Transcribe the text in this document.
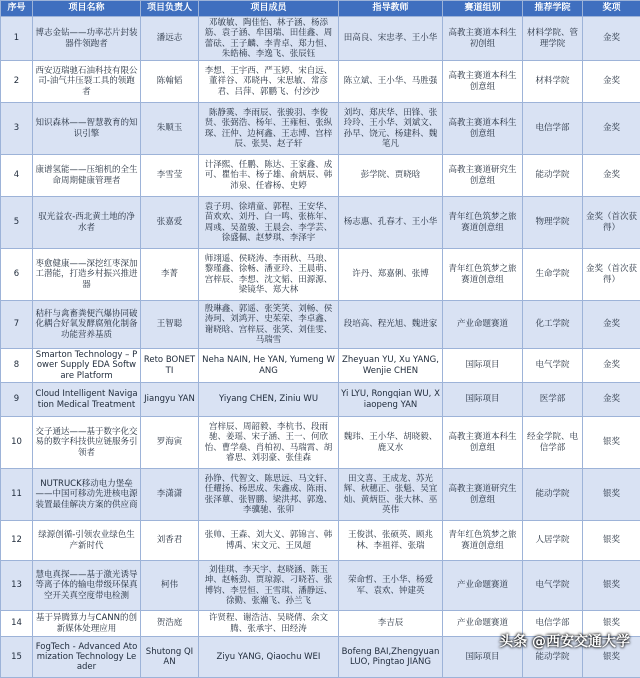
序号	项目名称	项目负责人	项目成员	指导教师	赛道组别	推荐学院	奖项
1	博志金钻——功率芯片封装器件领跑者	潘远志	邓敏敏、陶佳怡、林子涵、杨添筋、袁子涵、牟国瑞、田佳鑫、周蕾砝、王子麟、李青卓、郑力恒、朱皓楠、李逸飞、张辰钰	田高良、宋忠孝、王小华	高教主赛道本科生初创组	材料学院、管理学院	金奖
2	西安迈瑞驰石油科技有限公司-油气井压裂工具的领跑者	陈翰韬	李想、王宇西、严玉婷、宋自远、董祥谷、邓晓冉、宋思敏、常彦君、吕萍、郭鹏飞、付沙沙	陈立斌、王小华、马胜强	高教主赛道本科生创意组	材料学院	金奖
3	知识森林——智慧教育的知识引擎	朱顺玉	陈静霙、李雨辰、张骏羽、李俊贤、张弼浩、杨年、王雍桓、张纵琛、汪仲、边柯鑫、王志博、宫梓辰、张昊、赵子轩	刘均、郑庆华、田锋、张玲玲、王小华、刘斌文、孙早、饶元、杨建科、魏笔凡	高教主赛道本科生创意组	电信学部	金奖
4	康谱氢能——压缩机的全生命周期健康管理者	李雪莹	计泽熙、任鹏、陈达、王家鑫、成可、瞿怡丰、杨子雄、俞炳辰、韩沛泉、任睿杨、史婷	彭学院、贾晓晗	高教主赛道研究生创意组	能动学院	金奖
5	驭光益农-西北黄土地的净水者	张嘉爱	袁子玥、徐靖童、郭程、王安华、苗欢欢、刘丹、白一鸣、张栋年、周彧、吴盈骏、王晨会、李学芸、徐盛佩、赵梦琪、李泽宇	杨志惠、孔春才、王小华	青年红色筑梦之旅赛道创意组	物理学院	金奖（首次获得）
6	枣愈健康——深挖红枣深加工潜能，打造乡村振兴推进器	李菁	师翊遥、侯晓涛、李雨秋、马琅、黎瑾鑫、徐畅、潘亚玲、王晨萌、宫梓辰、李想、沈文韬、田源源、梁镜华、郑大林	许丹、郑嘉俐、张博	青年红色筑梦之旅赛道创意组	生命学院	金奖（首次获得）
7	秸秆与禽畜粪便汽爆协同破化耦合好氧发酵腐殖化制备功能营养基质	王智聪	殷琳鑫、郭遥、张笑笑、刘畅、侯涛珂、刘鸿开、史茱荣、李卓鑫、谢晓晗、宫梓辰、张笑、刘佳雯、马瑞雪	段培高、程光旭、魏进家	产业命题赛道	化工学院	金奖
8	Smarton Technology – Power Supply EDA Software Platform	Reto BONETTI	Neha NAIN, He YAN, Yumeng WANG	Zheyuan YU, Xu YANG, Wenjie CHEN	国际项目	电气学院	金奖
9	Cloud Intelligent Navigation Medical Treatment	Jiangyu YAN	Yiyang CHEN, Ziniu WU	Yi LYU, Rongqian WU, Xiaopeng YAN	国际项目	医学部	金奖
10	交子通达——基于数字化交易的数字科技供应链服务引领者	罗海寅	宫梓辰、周韶毅、李杭书、段雨驰、姜瑶、宋子涵、王一、何欣怡、曹学燊、肖柏初、马瑞霄、胡睿思、刘羽豪、张佳森	魏玮、王小华、胡晓毅、鹿又水	高教主赛道本科生创意组	经金学院、电信学部	银奖
11	NUTRUCK移动电力堡垒——中国可移动先进核电源装置最佳解决方案的供应商	李潇潇	孙铮、代智文、陈思远、马文轩、任耀扬、杨思成、朱鑫成、陈雨、张泽蕈、张智鹏、梁洪邦、郭逸、李骥驰、张卯	田文喜、王成龙、苏光辉、秋穗正、张魁、吴宜灿、黄炳臣、张大林、巫英伟	高教主赛道研究生创意组	能动学院	银奖
12	绿源创循-引领农业绿色生产新时代	刘香君	张帅、王森、刘大义、郭锦言、韩博禹、宋文元、王凤超	王俊淇、张硕英、顾兆林、李祖祥、张瑞	青年红色筑梦之旅赛道创意组	人居学院	银奖
13	慧电真探——基于激光诱导等离子体的输电带级环保真空开关真空度带电检测	柯伟	刘佳琪、李天宇、赵晓涵、陈玉坤、赵畅劲、贾琼源、刁晓若、张博钧、李昱恒、王雪琪、潘静远、徐勤、张瀚飞、孙兰飞	荣命哲、王小华、杨爱军、袁欢、钟建英	产业命题赛道	电气学院	银奖
14	基于异腾算力与CANN的创新媒体处理应用	贺浩庭	许贤程、谢浩洁、吴晓倩、余文腾、张承宇、田经涛	李吉辰	产业命题赛道	电信学部	银奖
15	FogTech - Advanced Atomization Technology Leader	Shutong QIAN	Ziyu YANG, Qiaochu WEI	Bofeng BAI,Zhengyuan LUO, Pingtao JIANG	国际项目	能动学院	银奖
头条 @西安交通大学
